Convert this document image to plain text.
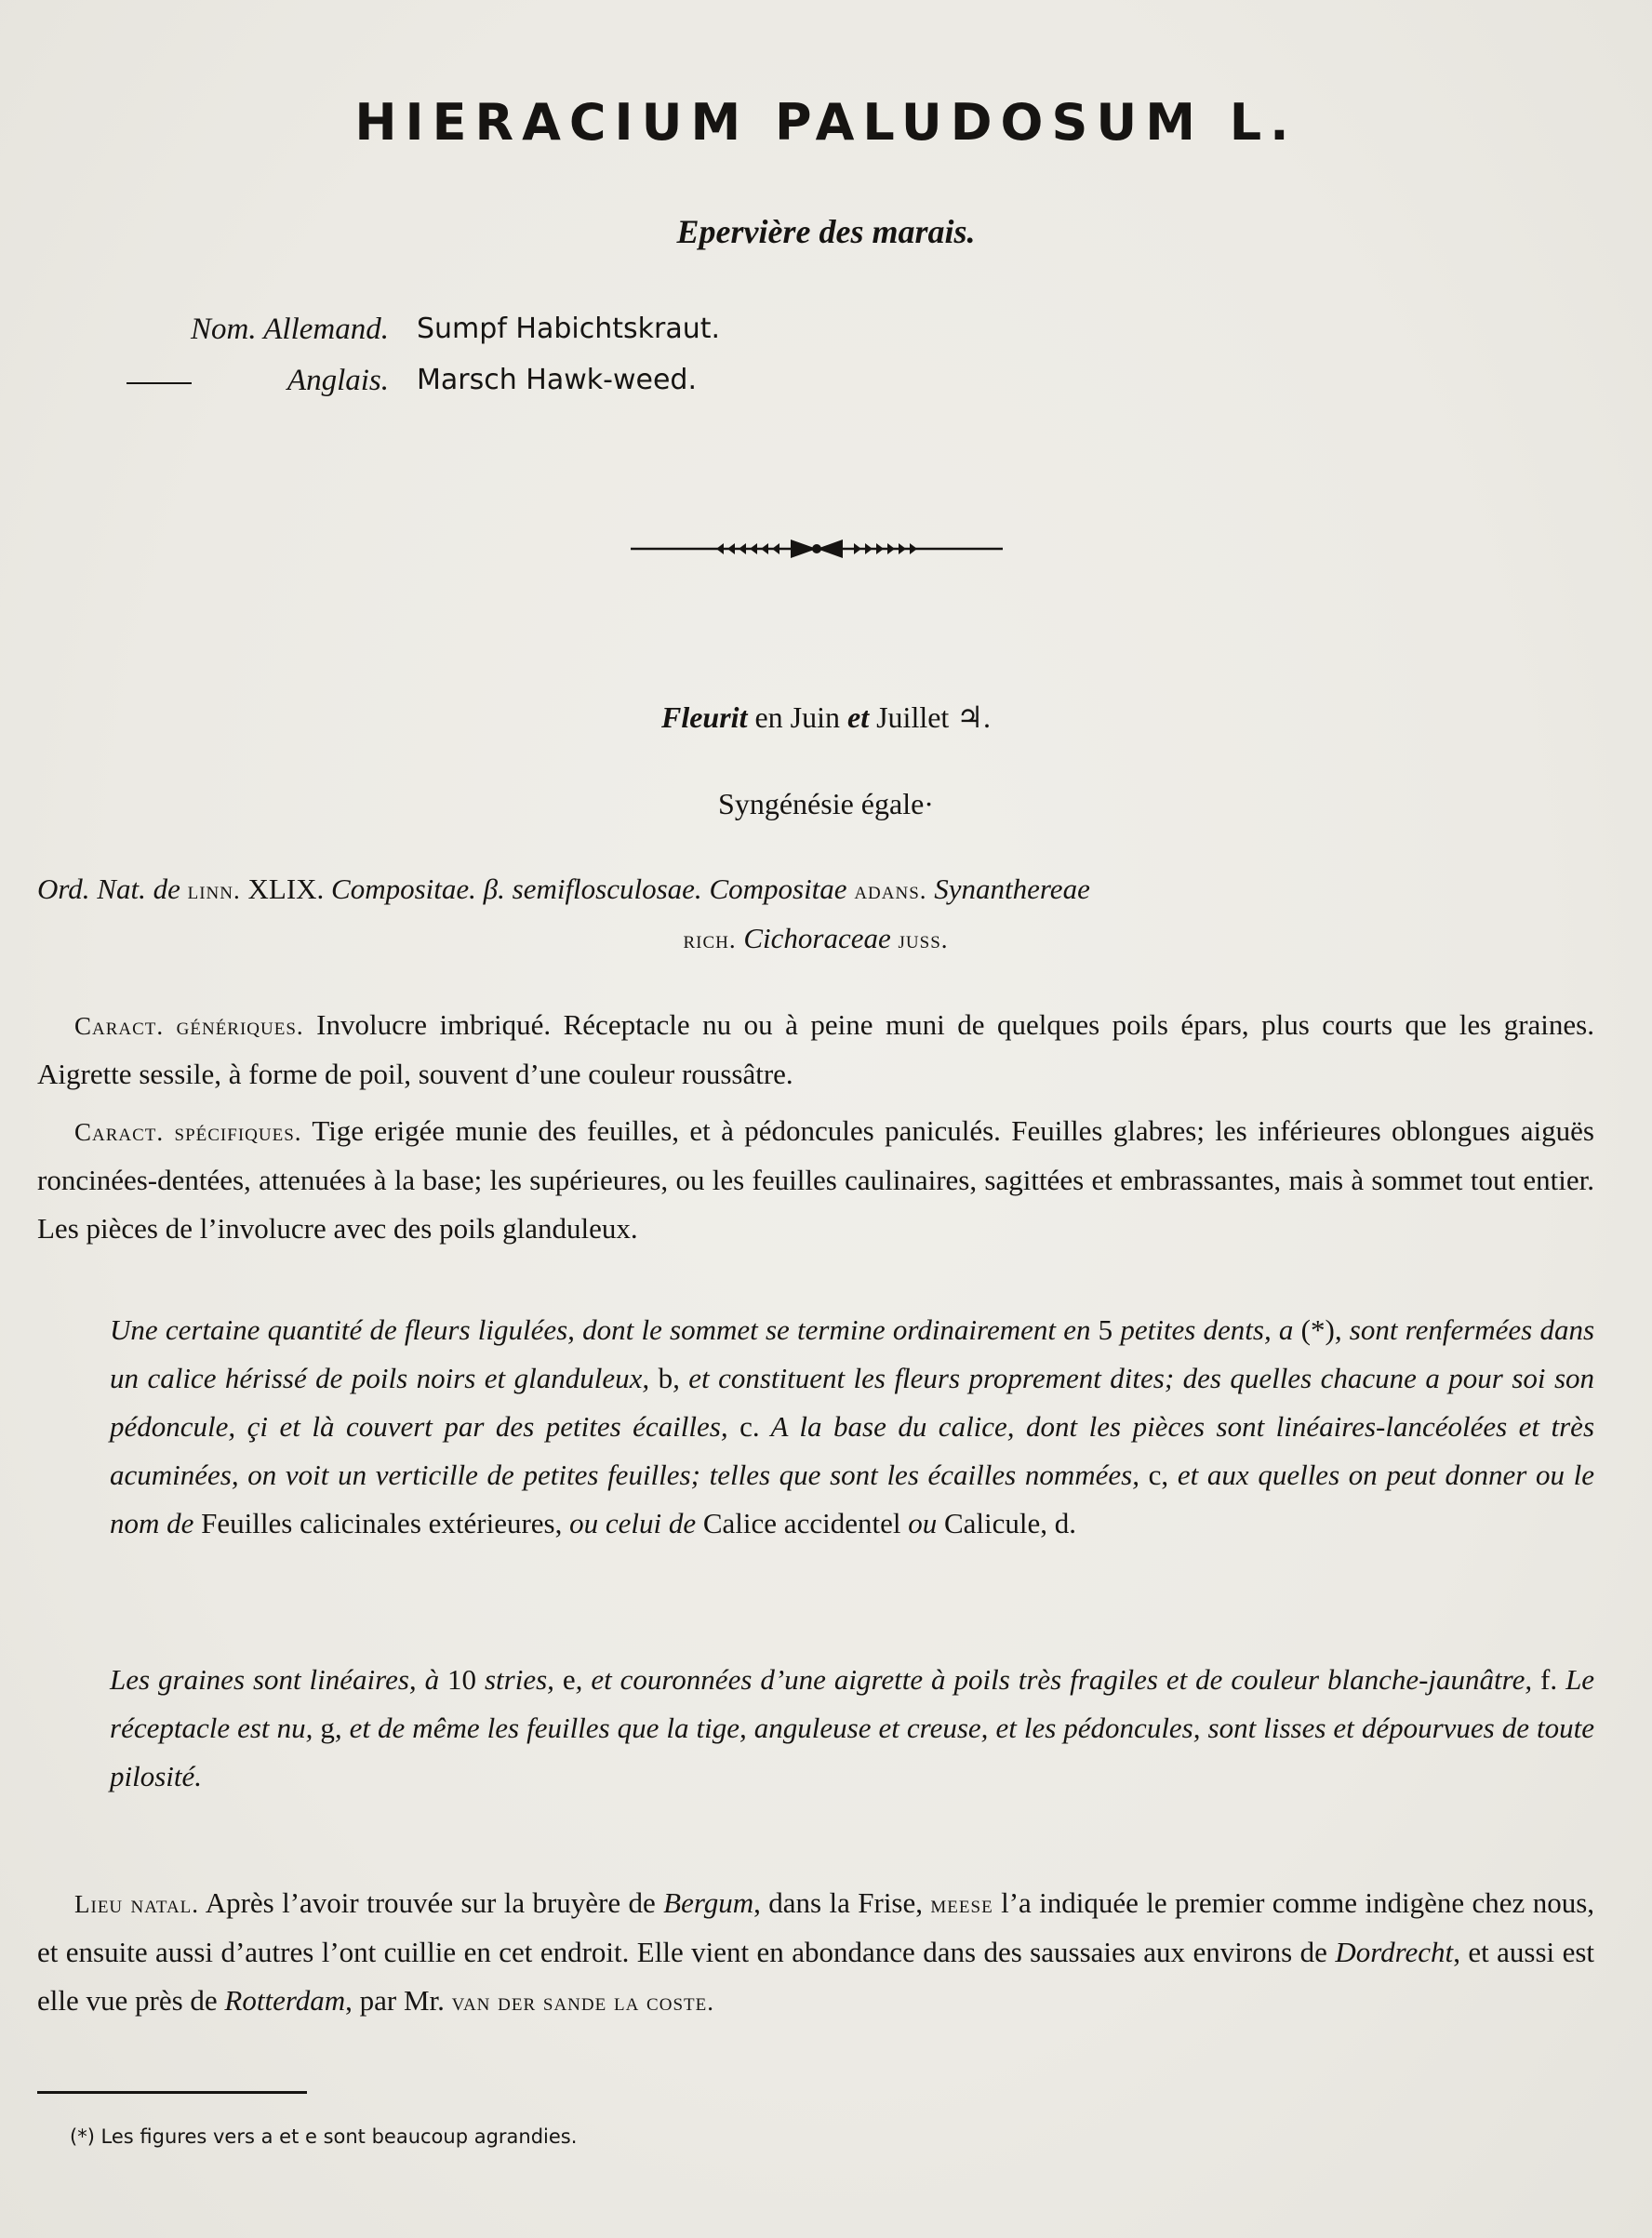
HIERACIUM PALUDOSUM L.
Epervière des marais.
Nom. Allemand. Sumpf Habichtskraut.
Anglais. Marsch Hawk-weed.
Fleurit en Juin et Juillet ♃.
Syngénésie égale·
Ord. Nat. de linn. XLIX. Compositae. β. semiflosculosae. Compositae adans. Synanthereae
rich. Cichoraceae juss.
Caract. génériques. Involucre imbriqué. Réceptacle nu ou à peine muni de quelques poils épars, plus courts que les graines. Aigrette sessile, à forme de poil, souvent d’une couleur roussâtre.
Caract. spécifiques. Tige erigée munie des feuilles, et à pédoncules paniculés. Feuilles glabres; les inférieures oblongues aiguës roncinées-dentées, attenuées à la base; les supérieures, ou les feuilles caulinaires, sagittées et embrassantes, mais à sommet tout entier. Les pièces de l’involucre avec des poils glanduleux.
Une certaine quantité de fleurs ligulées, dont le sommet se termine ordinairement en 5 petites dents, a (*), sont renfermées dans un calice hérissé de poils noirs et glanduleux, b, et constituent les fleurs proprement dites; des quelles chacune a pour soi son pédoncule, çi et là couvert par des petites écailles, c. A la base du calice, dont les pièces sont linéaires-lancéolées et très acuminées, on voit un verticille de petites feuilles; telles que sont les écailles nommées, c, et aux quelles on peut donner ou le nom de Feuilles calicinales extérieures, ou celui de Calice accidentel ou Calicule, d.
Les graines sont linéaires, à 10 stries, e, et couronnées d’une aigrette à poils très fragiles et de couleur blanche-jaunâtre, f. Le réceptacle est nu, g, et de même les feuilles que la tige, anguleuse et creuse, et les pédoncules, sont lisses et dépourvues de toute pilosité.
Lieu natal. Après l’avoir trouvée sur la bruyère de Bergum, dans la Frise, meese l’a indiquée le premier comme indigène chez nous, et ensuite aussi d’autres l’ont cuillie en cet endroit. Elle vient en abondance dans des saussaies aux environs de Dordrecht, et aussi est elle vue près de Rotterdam, par Mr. van der sande la coste.
(*) Les figures vers a et e sont beaucoup agrandies.
